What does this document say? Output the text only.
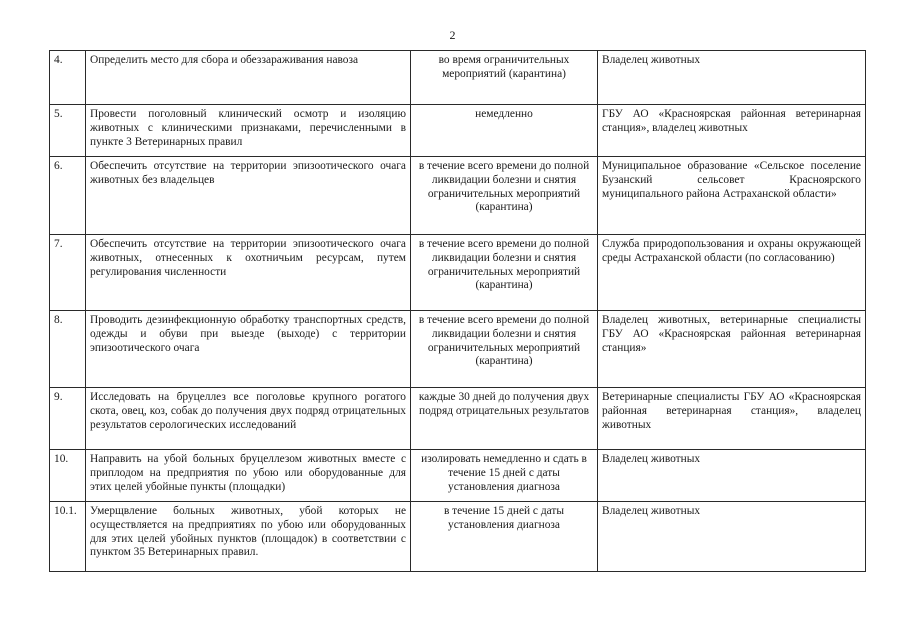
2
4.	Определить место для сбора и обеззараживания навоза	во время ограничительных мероприятий (карантина)	Владелец животных
5.	Провести поголовный клинический осмотр и изоляцию животных с клиническими признаками, перечисленными в пункте 3 Ветеринарных правил	немедленно	ГБУ АО «Красноярская районная ветеринарная станция», владелец животных
6.	Обеспечить отсутствие на территории эпизоотического очага животных без владельцев	в течение всего времени до полной ликвидации болезни и снятия ограничительных мероприятий (карантина)	Муниципальное образование «Сельское поселение Бузанский сельсовет Красноярского муниципального района Астраханской области»
7.	Обеспечить отсутствие на территории эпизоотического очага животных, отнесенных к охотничьим ресурсам, путем регулирования численности	в течение всего времени до полной ликвидации болезни и снятия ограничительных мероприятий (карантина)	Служба природопользования и охраны окружающей среды Астраханской области (по согласованию)
8.	Проводить дезинфекционную обработку транспортных средств, одежды и обуви при выезде (выходе) с территории эпизоотического очага	в течение всего времени до полной ликвидации болезни и снятия ограничительных мероприятий (карантина)	Владелец животных, ветеринарные специалисты ГБУ АО «Красноярская районная ветеринарная станция»
9.	Исследовать на бруцеллез все поголовье крупного рогатого скота, овец, коз, собак до получения двух подряд отрицательных результатов серологических исследований	каждые 30 дней до получения двух подряд отрицательных результатов	Ветеринарные специалисты ГБУ АО «Красноярская районная ветеринарная станция», владелец животных
10.	Направить на убой больных бруцеллезом животных вместе с приплодом на предприятия по убою или оборудованные для этих целей убойные пункты (площадки)	изолировать немедленно и сдать в течение 15 дней с даты установления диагноза	Владелец животных
10.1.	Умерщвление больных животных, убой которых не осуществляется на предприятиях по убою или оборудованных для этих целей убойных пунктов (площадок) в соответствии с пунктом 35 Ветеринарных правил.	в течение 15 дней с даты установления диагноза	Владелец животных
